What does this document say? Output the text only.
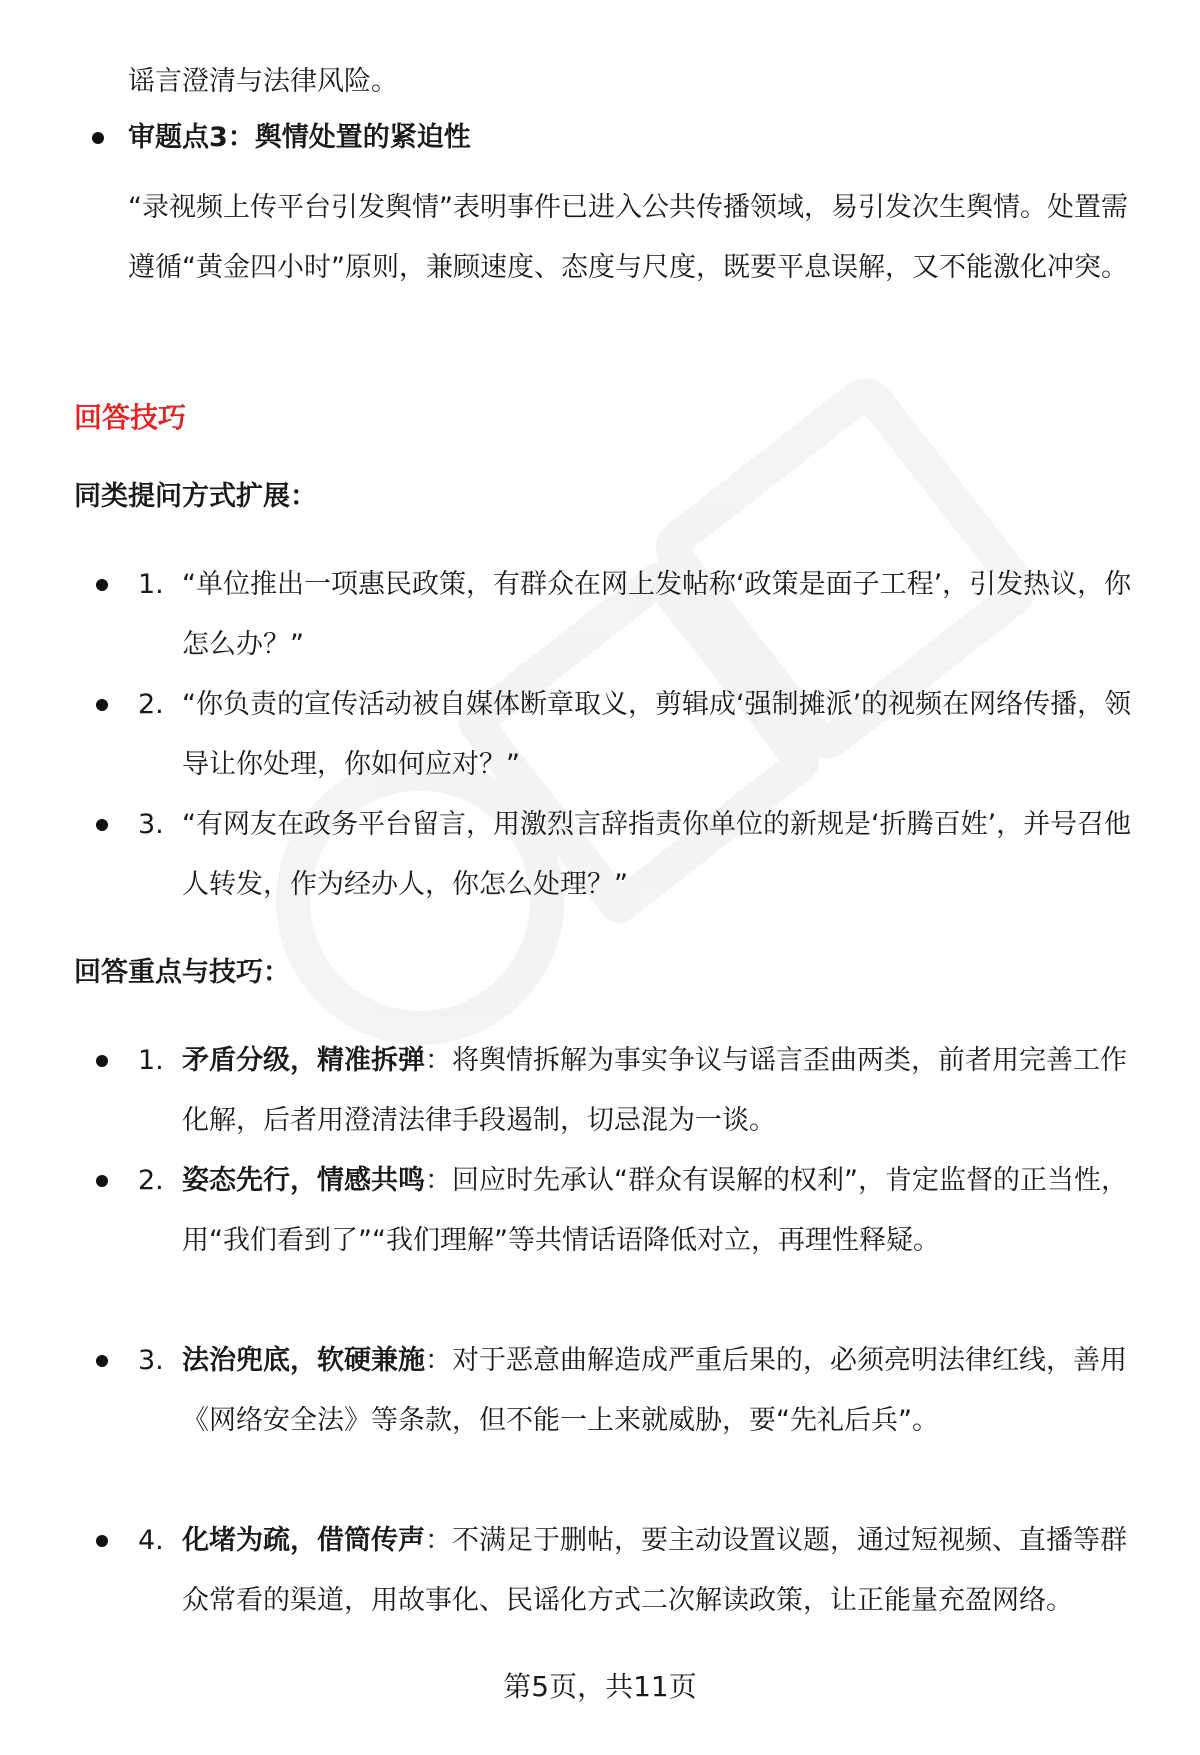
谣言澄清与法律风险。
审题点3：舆情处置的紧迫性
“录视频上传平台引发舆情”表明事件已进入公共传播领域，易引发次生舆情。处置需遵循“黄金四小时”原则，兼顾速度、态度与尺度，既要平息误解，又不能激化冲突。
回答技巧
同类提问方式扩展：
1. “单位推出一项惠民政策，有群众在网上发帖称‘政策是面子工程’，引发热议，你怎么办？”
2. “你负责的宣传活动被自媒体断章取义，剪辑成‘强制摊派’的视频在网络传播，领导让你处理，你如何应对？”
3. “有网友在政务平台留言，用激烈言辞指责你单位的新规是‘折腾百姓’，并号召他人转发，作为经办人，你怎么处理？”
回答重点与技巧：
1. 矛盾分级，精准拆弹：将舆情拆解为事实争议与谣言歪曲两类，前者用完善工作化解，后者用澄清法律手段遏制，切忌混为一谈。
2. 姿态先行，情感共鸣：回应时先承认“群众有误解的权利”，肯定监督的正当性，用“我们看到了”“我们理解”等共情话语降低对立，再理性释疑。
3. 法治兜底，软硬兼施：对于恶意曲解造成严重后果的，必须亮明法律红线，善用《网络安全法》等条款，但不能一上来就威胁，要“先礼后兵”。
4. 化堵为疏，借筒传声：不满足于删帖，要主动设置议题，通过短视频、直播等群众常看的渠道，用故事化、民谣化方式二次解读政策，让正能量充盈网络。
第5页，共11页
